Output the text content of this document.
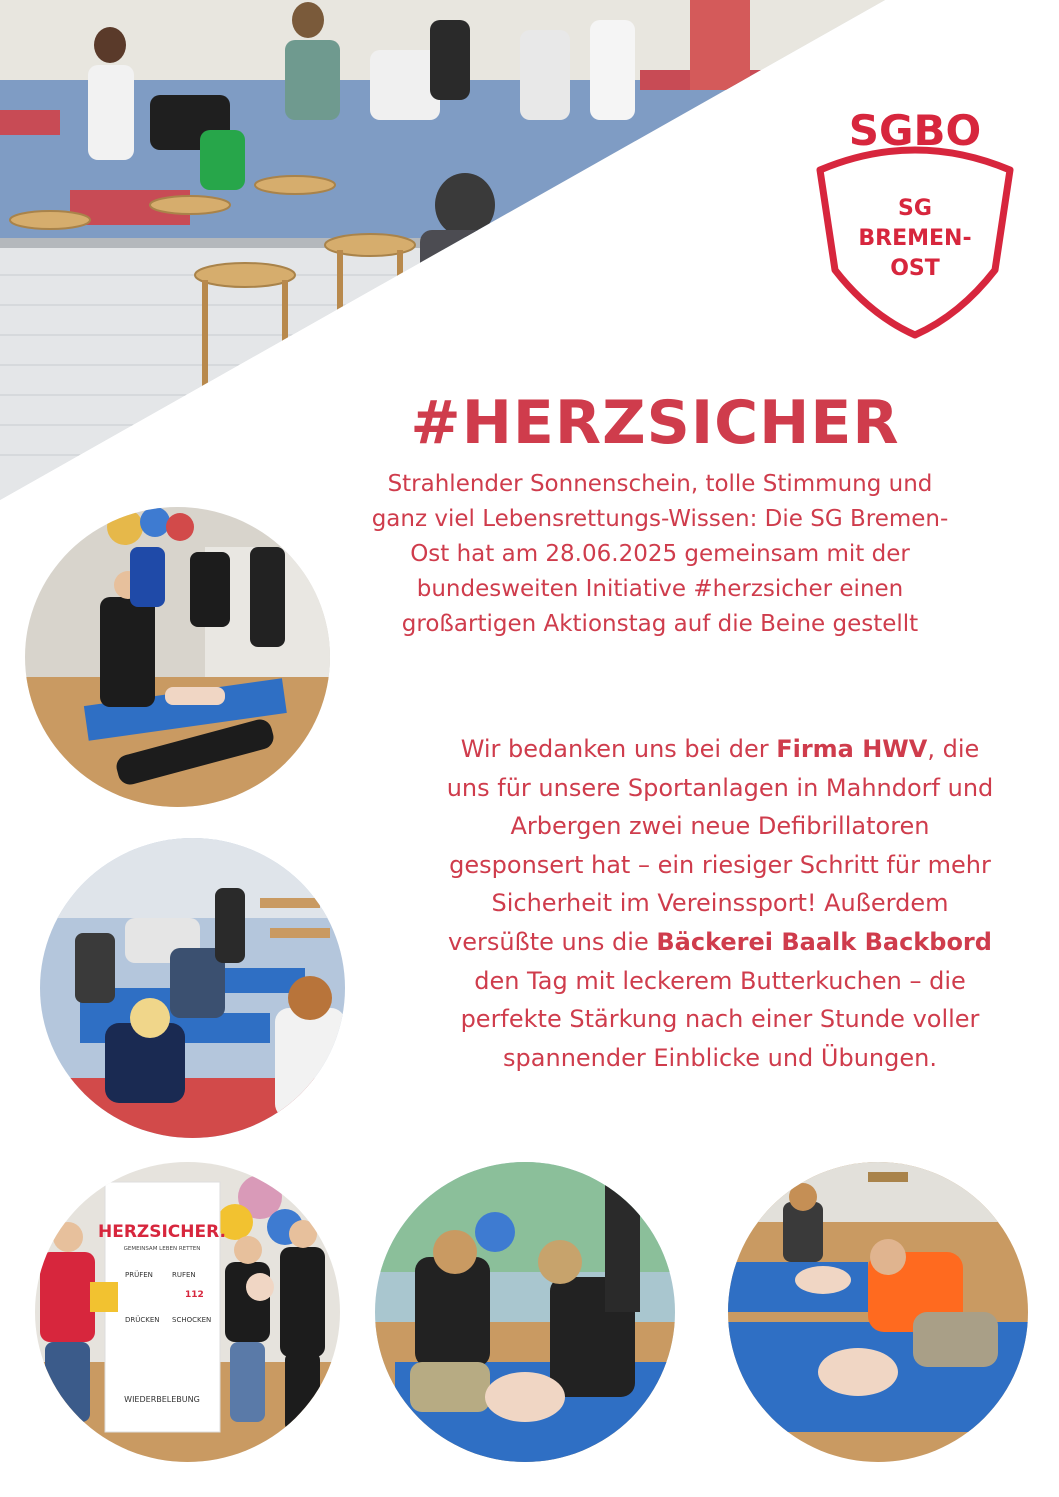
SGBO
SG
BREMEN-
OST
#HERZSICHER

Strahlender Sonnenschein, tolle Stimmung und ganz viel Lebensrettungs-Wissen: Die SG Bremen-Ost hat am 28.06.2025 gemeinsam mit der bundesweiten Initiative #herzsicher einen großartigen Aktionstag auf die Beine gestellt

Wir bedanken uns bei der Firma HWV, die uns für unsere Sportanlagen in Mahndorf und Arbergen zwei neue Defibrillatoren gesponsert hat – ein riesiger Schritt für mehr Sicherheit im Vereinssport! Außerdem versüßte uns die Bäckerei Baalk Backbord den Tag mit leckerem Butterkuchen – die perfekte Stärkung nach einer Stunde voller spannender Einblicke und Übungen.

HERZSICHER.
GEMEINSAM LEBEN RETTEN
PRÜFEN	RUFEN
112
DRÜCKEN SCHOCKEN
WIEDERBELEBUNG
